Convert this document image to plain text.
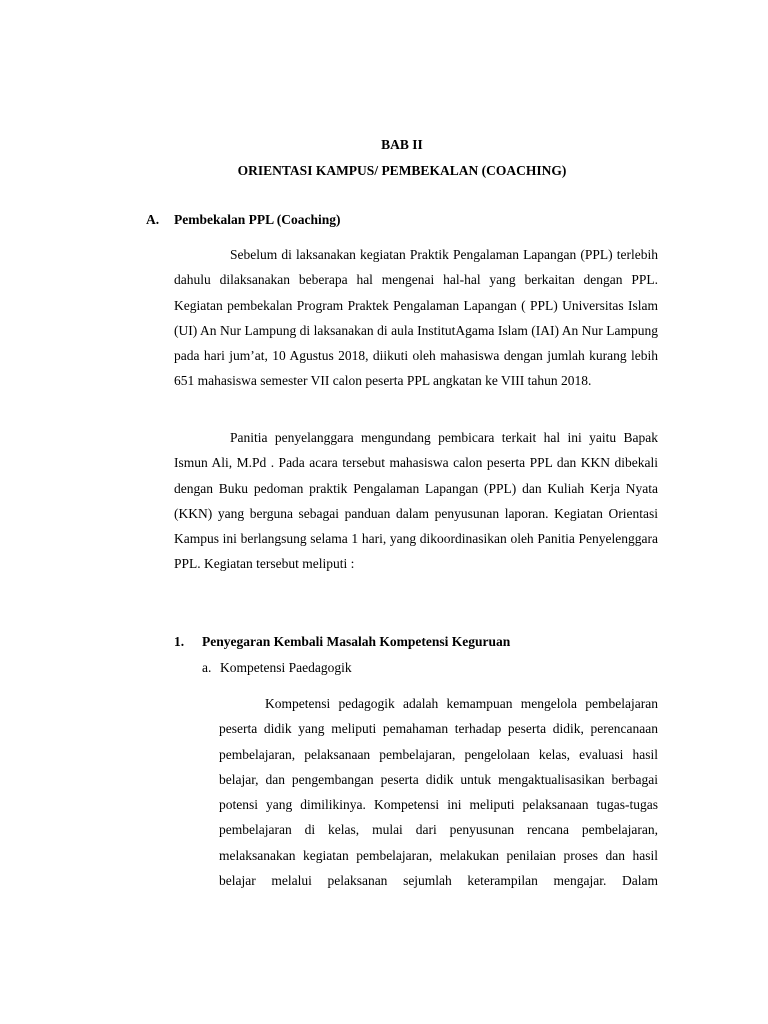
BAB II
ORIENTASI KAMPUS/ PEMBEKALAN (COACHING)
A. Pembekalan PPL (Coaching)

Sebelum di laksanakan kegiatan Praktik Pengalaman Lapangan (PPL) terlebih dahulu dilaksanakan beberapa hal mengenai hal-hal yang berkaitan dengan PPL. Kegiatan pembekalan Program Praktek Pengalaman Lapangan ( PPL) Universitas Islam (UI) An Nur Lampung di laksanakan di aula InstitutAgama Islam (IAI) An Nur Lampung pada hari jum’at, 10 Agustus 2018, diikuti oleh mahasiswa dengan jumlah kurang lebih 651 mahasiswa semester VII calon peserta PPL angkatan ke VIII tahun 2018.

Panitia penyelanggara mengundang pembicara terkait hal ini yaitu Bapak Ismun Ali, M.Pd . Pada acara tersebut mahasiswa calon peserta PPL dan KKN dibekali dengan Buku pedoman praktik Pengalaman Lapangan (PPL) dan Kuliah Kerja Nyata (KKN) yang berguna sebagai panduan dalam penyusunan laporan. Kegiatan Orientasi Kampus ini berlangsung selama 1 hari, yang dikoordinasikan oleh Panitia Penyelenggara PPL. Kegiatan tersebut meliputi :

1. Penyegaran Kembali Masalah Kompetensi Keguruan
a. Kompetensi Paedagogik

Kompetensi pedagogik adalah kemampuan mengelola pembelajaran peserta didik yang meliputi pemahaman terhadap peserta didik, perencanaan pembelajaran, pelaksanaan pembelajaran, pengelolaan kelas, evaluasi hasil belajar, dan pengembangan peserta didik untuk mengaktualisasikan berbagai potensi yang dimilikinya. Kompetensi ini meliputi pelaksanaan tugas-tugas pembelajaran di kelas, mulai dari penyusunan rencana pembelajaran, melaksanakan kegiatan pembelajaran, melakukan penilaian proses dan hasil belajar melalui pelaksanan sejumlah keterampilan mengajar. Dalam
